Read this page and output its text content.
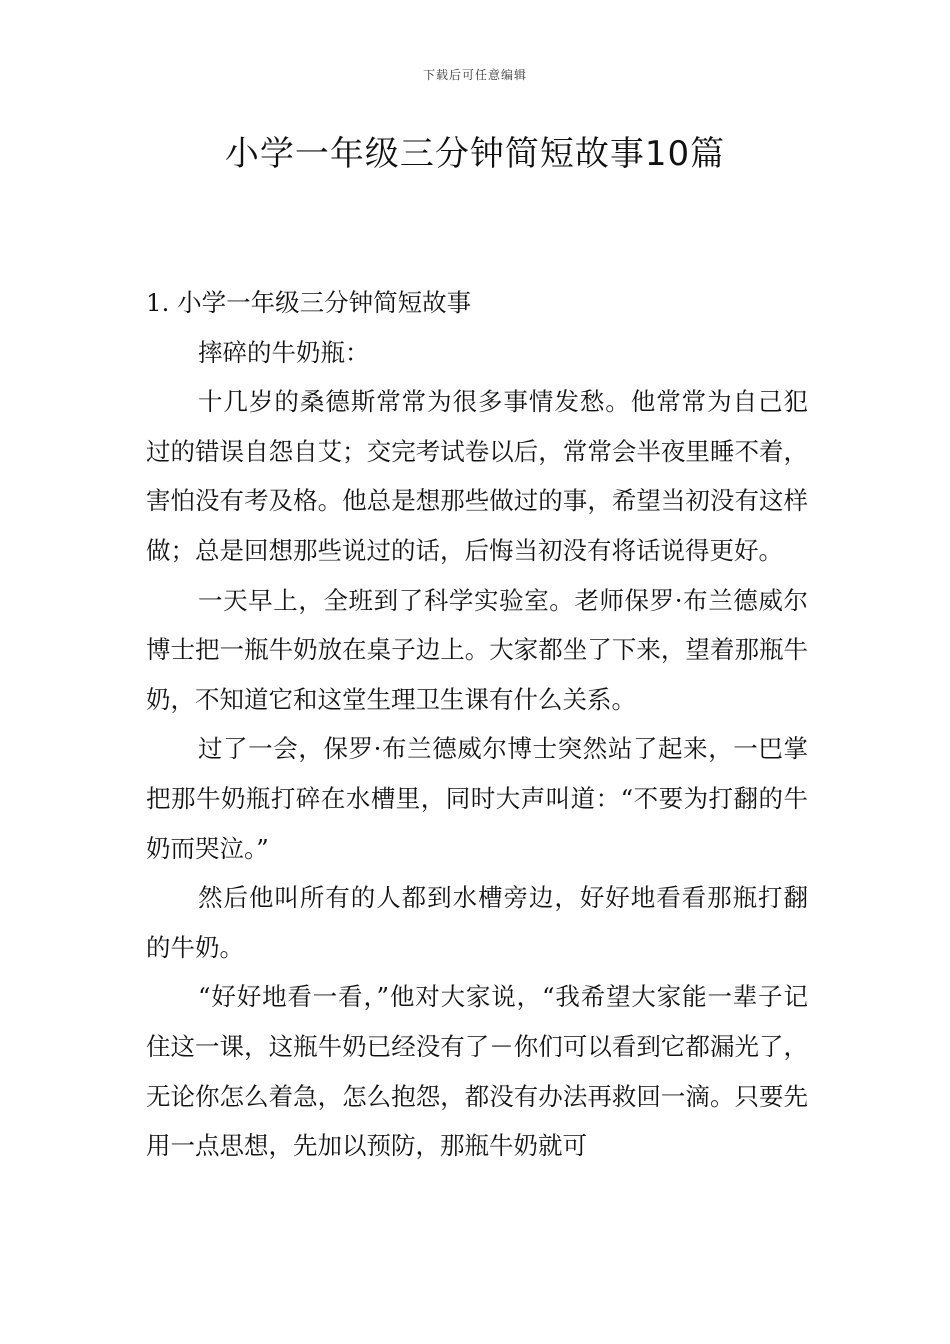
下载后可任意编辑
小学一年级三分钟简短故事10篇

1. 小学一年级三分钟简短故事

摔碎的牛奶瓶：

十几岁的桑德斯常常为很多事情发愁。他常常为自己犯过的错误自怨自艾；交完考试卷以后，常常会半夜里睡不着，害怕没有考及格。他总是想那些做过的事，希望当初没有这样做；总是回想那些说过的话，后悔当初没有将话说得更好。

一天早上，全班到了科学实验室。老师保罗·布兰德威尔博士把一瓶牛奶放在桌子边上。大家都坐了下来，望着那瓶牛奶，不知道它和这堂生理卫生课有什么关系。

过了一会，保罗·布兰德威尔博士突然站了起来，一巴掌把那牛奶瓶打碎在水槽里，同时大声叫道：“不要为打翻的牛奶而哭泣。”

然后他叫所有的人都到水槽旁边，好好地看看那瓶打翻的牛奶。

“好好地看一看，”他对大家说，“我希望大家能一辈子记住这一课，这瓶牛奶已经没有了－你们可以看到它都漏光了，无论你怎么着急，怎么抱怨，都没有办法再救回一滴。只要先用一点思想，先加以预防，那瓶牛奶就可
